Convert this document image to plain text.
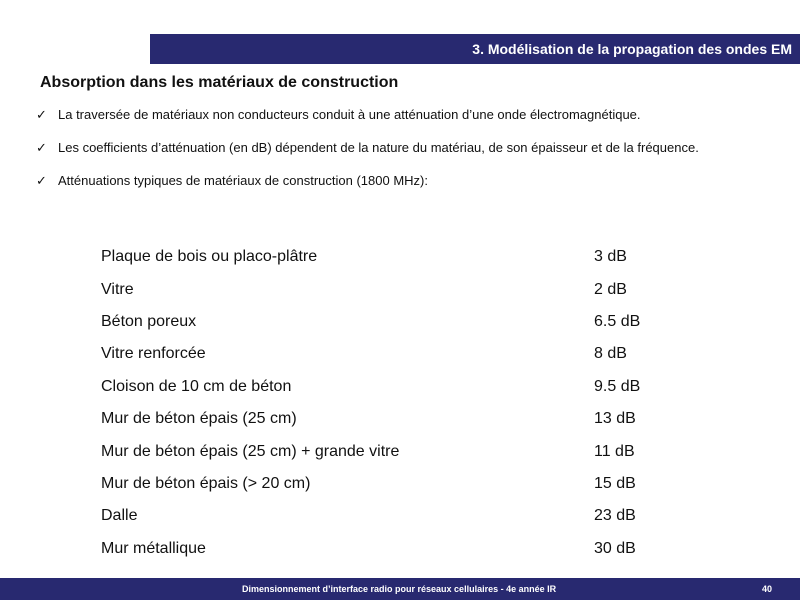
3. Modélisation de la propagation des ondes EM
Absorption dans les matériaux de construction
✓ La traversée de matériaux non conducteurs conduit à une atténuation d’une onde électromagnétique.
✓ Les coefficients d’atténuation (en dB) dépendent de la nature du matériau, de son épaisseur et de la fréquence.
✓ Atténuations typiques de matériaux de construction (1800 MHz):
Plaque de bois ou placo-plâtre	3 dB
Vitre	2 dB
Béton poreux	6.5 dB
Vitre renforcée	8 dB
Cloison de 10 cm de béton	9.5 dB
Mur de béton épais (25 cm)	13 dB
Mur de béton épais (25 cm) + grande vitre	11 dB
Mur de béton épais (> 20 cm)	15 dB
Dalle	23 dB
Mur métallique	30 dB
Dimensionnement d’interface radio pour réseaux cellulaires - 4e année IR	40
